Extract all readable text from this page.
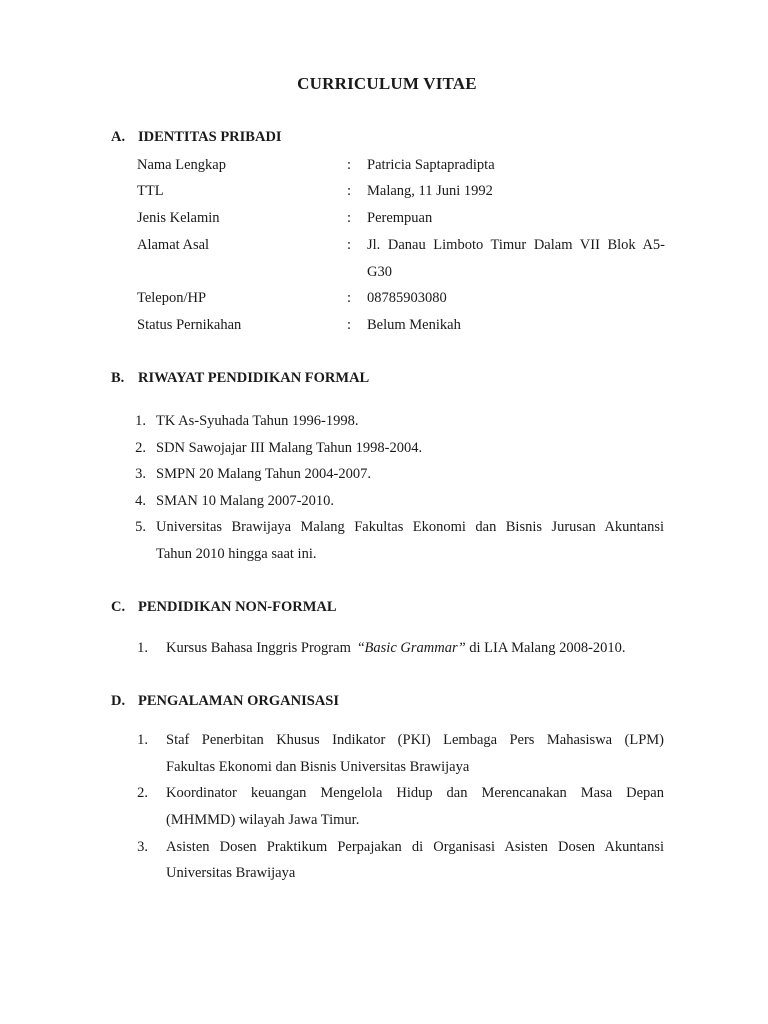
CURRICULUM VITAE
A. IDENTITAS PRIBADI
Nama Lengkap	: Patricia Saptapradipta
TTL	: Malang, 11 Juni 1992
Jenis Kelamin	: Perempuan
Alamat Asal	: Jl. Danau Limboto Timur Dalam VII Blok A5-
G30
Telepon/HP	: 08785903080
Status Pernikahan	: Belum Menikah
B. RIWAYAT PENDIDIKAN FORMAL
1. TK As-Syuhada Tahun 1996-1998.
2. SDN Sawojajar III Malang Tahun 1998-2004.
3. SMPN 20 Malang Tahun 2004-2007.
4. SMAN 10 Malang 2007-2010.
5. Universitas Brawijaya Malang Fakultas Ekonomi dan Bisnis Jurusan Akuntansi
Tahun 2010 hingga saat ini.
C. PENDIDIKAN NON-FORMAL
1. Kursus Bahasa Inggris Program  “Basic Grammar” di LIA Malang 2008-2010.
D. PENGALAMAN ORGANISASI
1. Staf Penerbitan Khusus Indikator (PKI) Lembaga Pers Mahasiswa (LPM)
Fakultas Ekonomi dan Bisnis Universitas Brawijaya
2. Koordinator keuangan Mengelola Hidup dan Merencanakan Masa Depan
(MHMMD) wilayah Jawa Timur.
3. Asisten Dosen Praktikum Perpajakan di Organisasi Asisten Dosen Akuntansi
Universitas Brawijaya
